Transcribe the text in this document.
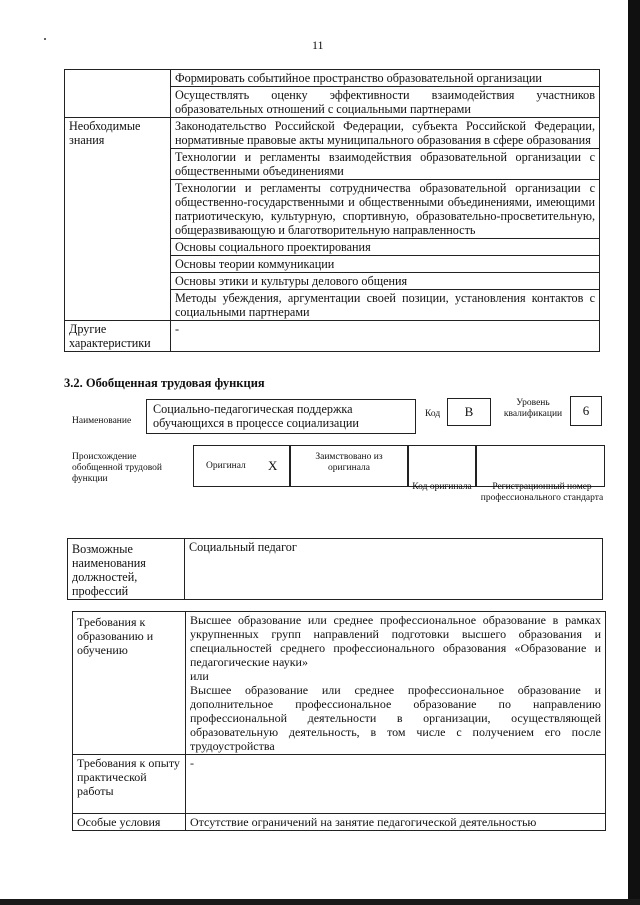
11
	Формировать событийное пространство образовательной организации
	Осуществлять оценку эффективности взаимодействия участников образовательных отношений с социальными партнерами
Необходимые знания	Законодательство Российской Федерации, субъекта Российской Федерации, нормативные правовые акты муниципального образования в сфере образования
	Технологии и регламенты взаимодействия образовательной организации с общественными объединениями
	Технологии и регламенты сотрудничества образовательной организации с общественно-государственными и общественными объединениями, имеющими патриотическую, культурную, спортивную, образовательно-просветительную, общеразвивающую и благотворительную направленность
	Основы социального проектирования
	Основы теории коммуникации
	Основы этики и культуры делового общения
	Методы убеждения, аргументации своей позиции, установления контактов с социальными партнерами
Другие характеристики	-
3.2. Обобщенная трудовая функция
Наименование
Социально-педагогическая поддержка обучающихся в процессе социализации
Код	B
Уровень квалификации	6
Происхождение обобщенной трудовой функции
Оригинал X
Заимствовано из оригинала
Код оригинала	Регистрационный номер профессионального стандарта
Возможные наименования должностей, профессий	Социальный педагог
Требования к образованию и обучению	Высшее образование или среднее профессиональное образование в рамках укрупненных групп направлений подготовки высшего образования и специальностей среднего профессионального образования «Образование и педагогические науки»
или
Высшее образование или среднее профессиональное образование и дополнительное профессиональное образование по направлению профессиональной деятельности в организации, осуществляющей образовательную деятельность, в том числе с получением его после трудоустройства

Требования к опыту практической работы	-
Особые условия	Отсутствие ограничений на занятие педагогической деятельностью
